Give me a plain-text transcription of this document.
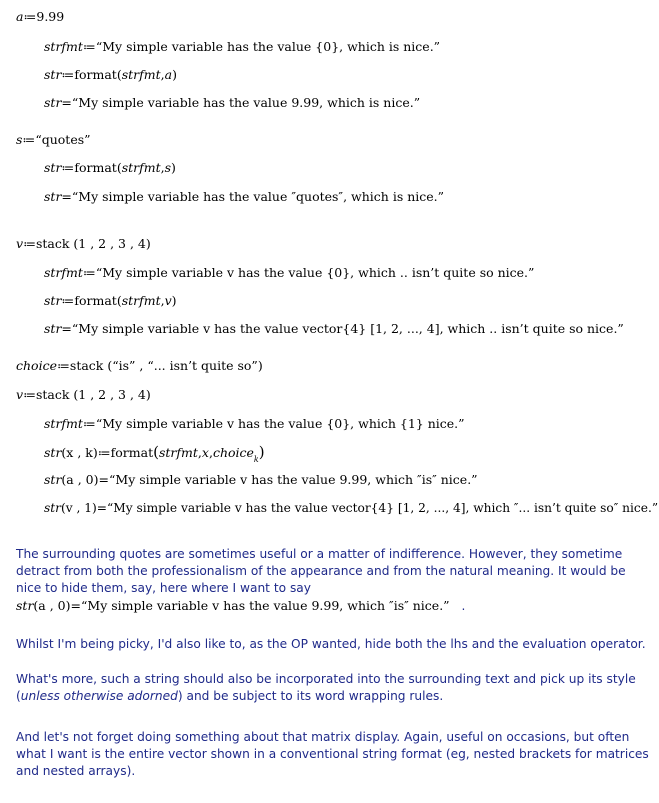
a≔9.99
strfmt≔“My simple variable has the value {0}, which is nice.”
str≔format(strfmt,a)
str=“My simple variable has the value 9.99, which is nice.”
s≔“quotes”
str≔format(strfmt,s)
str=“My simple variable has the value ″quotes″, which is nice.”
v≔stack (1 , 2 , 3 , 4)
strfmt≔“My simple variable v has the value {0}, which .. isn’t quite so nice.”
str≔format(strfmt,v)
str=“My simple variable v has the value vector{4} [1, 2, ..., 4], which .. isn’t quite so nice.”
choice≔stack (“is” , “... isn’t quite so”)
v≔stack (1 , 2 , 3 , 4)
strfmt≔“My simple variable v has the value {0}, which {1} nice.”
str(x , k)≔format(strfmt,x,choice$_k$)
str(a , 0)=“My simple variable v has the value 9.99, which ″is″ nice.”
str(v , 1)=“My simple variable v has the value vector{4} [1, 2, ..., 4], which ″... isn’t quite so″ nice.”
The surrounding quotes are sometimes useful or a matter of indifference. However, they sometime detract from both the professionalism of the appearance and from the natural meaning. It would be nice to hide them, say, here where I want to say
str(a , 0)=“My simple variable v has the value 9.99, which ″is″ nice.” .
Whilst I'm being picky, I'd also like to, as the OP wanted, hide both the lhs and the evaluation operator.
What's more, such a string should also be incorporated into the surrounding text and pick up its style (unless otherwise adorned) and be subject to its word wrapping rules.
And let's not forget doing something about that matrix display. Again, useful on occasions, but often what I want is the entire vector shown in a conventional string format (eg, nested brackets for matrices and nested arrays).
